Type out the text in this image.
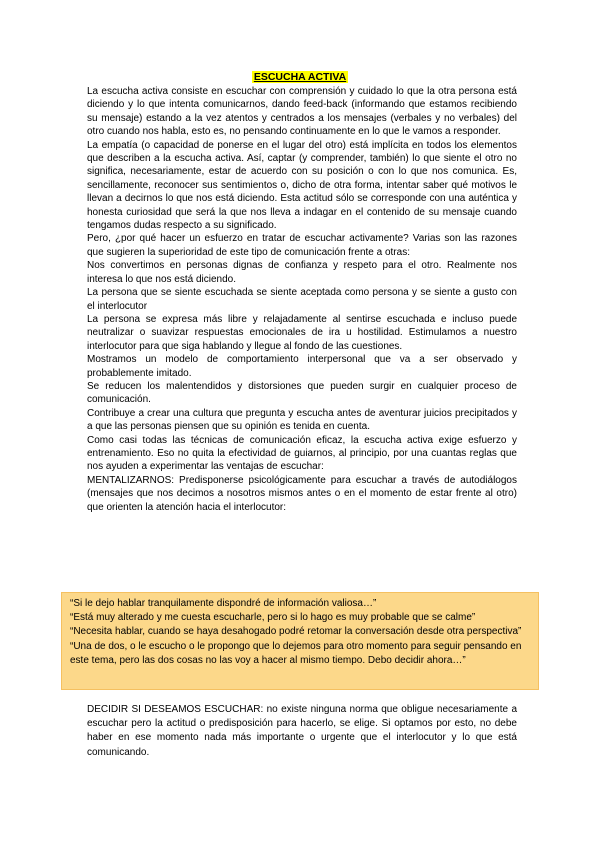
ESCUCHA ACTIVA

La escucha activa consiste en escuchar con comprensión y cuidado lo que la otra persona está diciendo y lo que intenta comunicarnos, dando feed-back (informando que estamos recibiendo su mensaje) estando a la vez atentos y centrados a los mensajes (verbales y no verbales) del otro cuando nos habla, esto es, no pensando continuamente en lo que le vamos a responder.

La empatía (o capacidad de ponerse en el lugar del otro) está implícita en todos los elementos que describen a la escucha activa. Así, captar (y comprender, también) lo que siente el otro no significa, necesariamente, estar de acuerdo con su posición o con lo que nos comunica. Es, sencillamente, reconocer sus sentimientos o, dicho de otra forma, intentar saber qué motivos le llevan a decirnos lo que nos está diciendo. Esta actitud sólo se corresponde con una auténtica y honesta curiosidad que será la que nos lleva a indagar en el contenido de su mensaje cuando tengamos dudas respecto a su significado.

Pero, ¿por qué hacer un esfuerzo en tratar de escuchar activamente? Varias son las razones que sugieren la superioridad de este tipo de comunicación frente a otras:

Nos convertimos en personas dignas de confianza y respeto para el otro. Realmente nos interesa lo que nos está diciendo.

La persona que se siente escuchada se siente aceptada como persona y se siente a gusto con el interlocutor

La persona se expresa más libre y relajadamente al sentirse escuchada e incluso puede neutralizar o suavizar respuestas emocionales de ira u hostilidad. Estimulamos a nuestro interlocutor para que siga hablando y llegue al fondo de las cuestiones.

Mostramos un modelo de comportamiento interpersonal que va a ser observado y probablemente imitado.

Se reducen los malentendidos y distorsiones que pueden surgir en cualquier proceso de comunicación.

Contribuye a crear una cultura que pregunta y escucha antes de aventurar juicios precipitados y a que las personas piensen que su opinión es tenida en cuenta.

Como casi todas las técnicas de comunicación eficaz, la escucha activa exige esfuerzo y entrenamiento. Eso no quita la efectividad de guiarnos, al principio, por una cuantas reglas que nos ayuden a experimentar las ventajas de escuchar:

MENTALIZARNOS: Predisponerse psicológicamente para escuchar a través de autodiálogos (mensajes que nos decimos a nosotros mismos antes o en el momento de estar frente al otro) que orienten la atención hacia el interlocutor:

“Si le dejo hablar tranquilamente dispondré de información valiosa…”

“Está muy alterado y me cuesta escucharle, pero si lo hago es muy probable que se calme”

“Necesita hablar, cuando se haya desahogado podré retomar la conversación desde otra perspectiva”

“Una de dos, o le escucho o le propongo que lo dejemos para otro momento para seguir pensando en este tema, pero las dos cosas no las voy a hacer al mismo tiempo. Debo decidir ahora…”

DECIDIR SI DESEAMOS ESCUCHAR: no existe ninguna norma que obligue necesariamente a escuchar pero la actitud o predisposición para hacerlo, se elige. Si optamos por esto, no debe haber en ese momento nada más importante o urgente que el interlocutor y lo que está comunicando.
